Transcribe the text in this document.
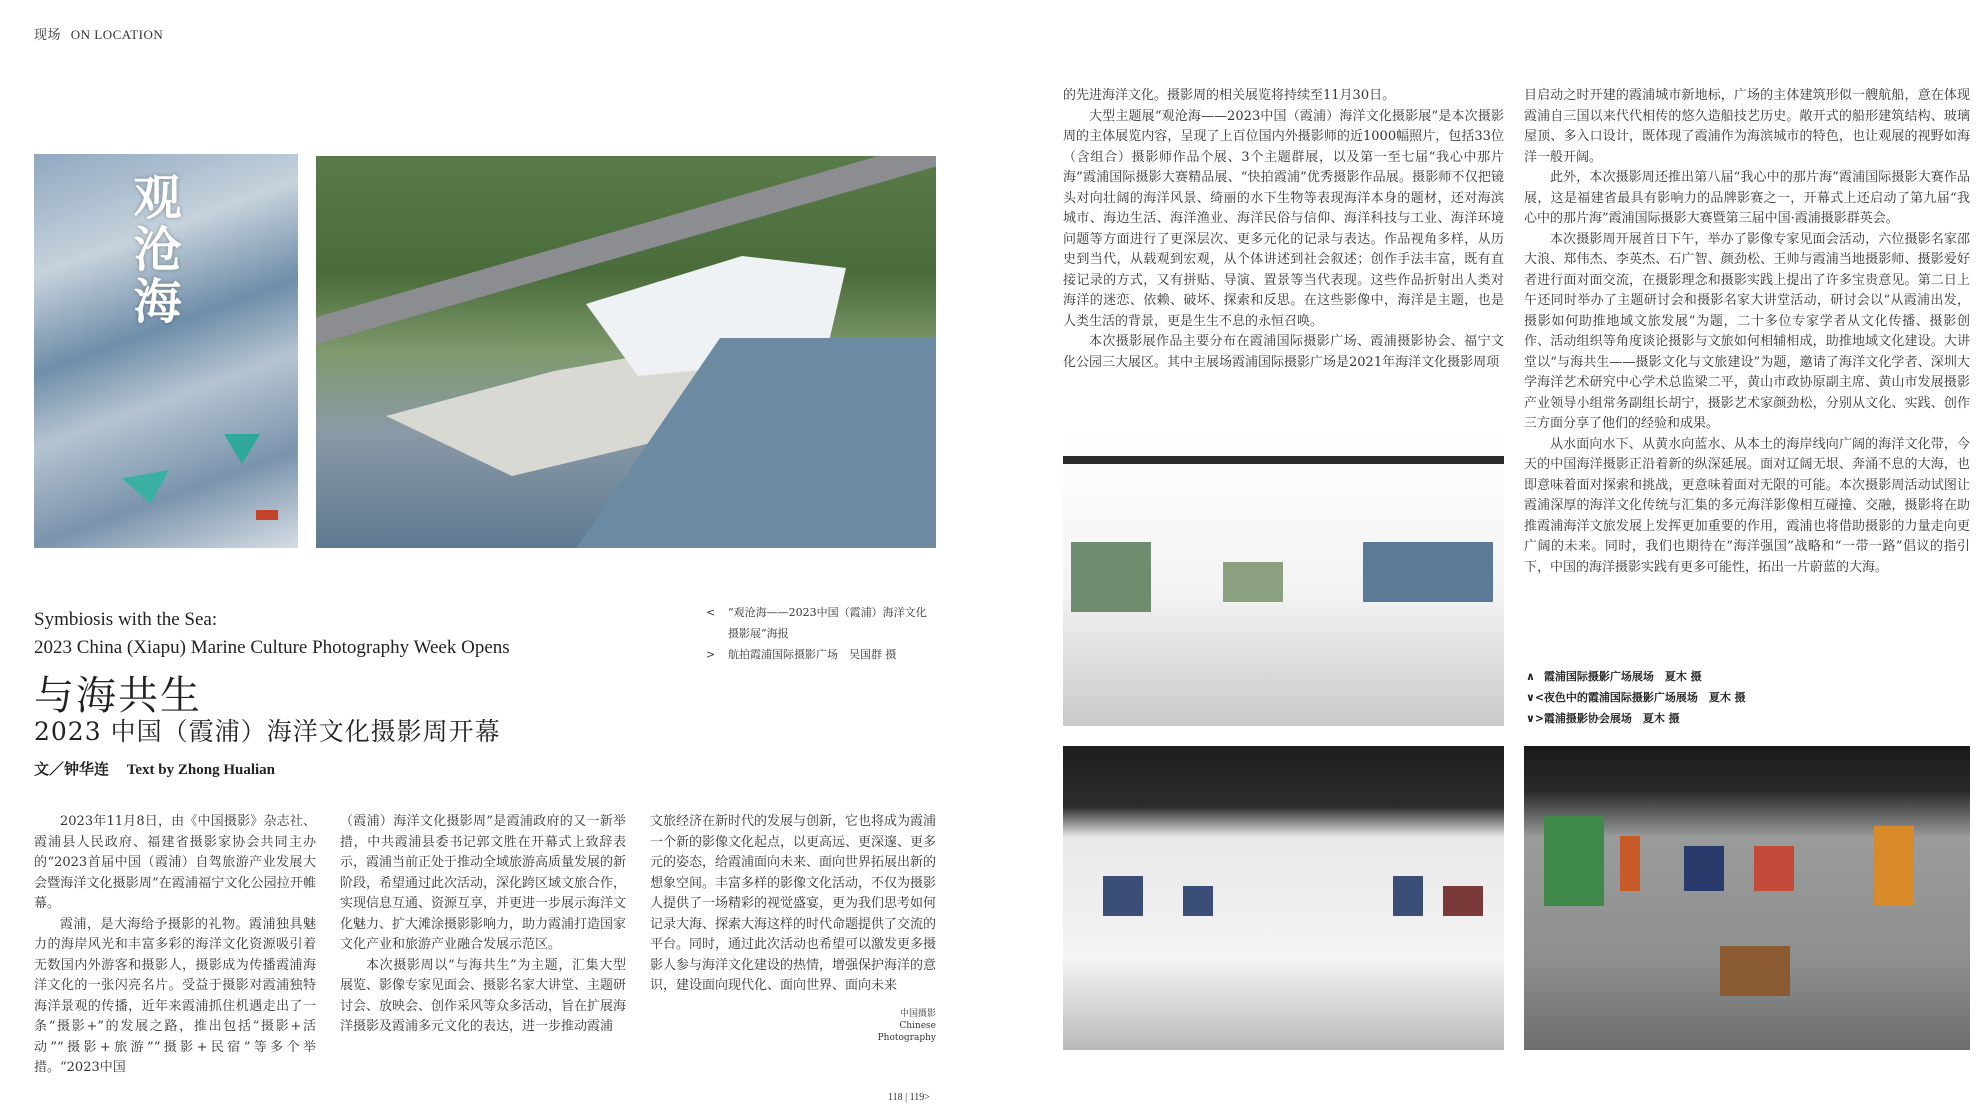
现场 ON LOCATION
观沧海
Symbiosis with the Sea:
2023 China (Xiapu) Marine Culture Photography Week Opens
与海共生
2023 中国（霞浦）海洋文化摄影周开幕
文／钟华连 Text by Zhong Hualian
<	“观沧海——2023中国（霞浦）海洋文化摄影展”海报
>	航拍霞浦国际摄影广场　吴国群 摄
∧ 霞浦国际摄影广场展场　夏木 摄
∨< 夜色中的霞浦国际摄影广场展场　夏木 摄
∨> 霞浦摄影协会展场　夏木 摄

2023年11月8日，由《中国摄影》杂志社、霞浦县人民政府、福建省摄影家协会共同主办的“2023首届中国（霞浦）自驾旅游产业发展大会暨海洋文化摄影周”在霞浦福宁文化公园拉开帷幕。

霞浦，是大海给予摄影的礼物。霞浦独具魅力的海岸风光和丰富多彩的海洋文化资源吸引着无数国内外游客和摄影人，摄影成为传播霞浦海洋文化的一张闪亮名片。受益于摄影对霞浦独特海洋景观的传播，近年来霞浦抓住机遇走出了一条“摄影+”的发展之路，推出包括“摄影+活动”“摄影+旅游”“摄影+民宿”等多个举措。“2023中国

（霞浦）海洋文化摄影周”是霞浦政府的又一新举措，中共霞浦县委书记郭文胜在开幕式上致辞表示，霞浦当前正处于推动全域旅游高质量发展的新阶段，希望通过此次活动，深化跨区域文旅合作，实现信息互通、资源互享，并更进一步展示海洋文化魅力、扩大滩涂摄影影响力，助力霞浦打造国家文化产业和旅游产业融合发展示范区。

本次摄影周以“与海共生”为主题，汇集大型展览、影像专家见面会、摄影名家大讲堂、主题研讨会、放映会、创作采风等众多活动，旨在扩展海洋摄影及霞浦多元文化的表达，进一步推动霞浦

文旅经济在新时代的发展与创新，它也将成为霞浦一个新的影像文化起点，以更高远、更深邃、更多元的姿态，给霞浦面向未来、面向世界拓展出新的想象空间。丰富多样的影像文化活动，不仅为摄影人提供了一场精彩的视觉盛宴，更为我们思考如何记录大海、探索大海这样的时代命题提供了交流的平台。同时，通过此次活动也希望可以激发更多摄影人参与海洋文化建设的热情，增强保护海洋的意识，建设面向现代化、面向世界、面向未来

的先进海洋文化。摄影周的相关展览将持续至11月30日。

大型主题展“观沧海——2023中国（霞浦）海洋文化摄影展”是本次摄影周的主体展览内容，呈现了上百位国内外摄影师的近1000幅照片，包括33位（含组合）摄影师作品个展、3个主题群展，以及第一至七届“我心中那片海”霞浦国际摄影大赛精品展、“快拍霞浦”优秀摄影作品展。摄影师不仅把镜头对向壮阔的海洋风景、绮丽的水下生物等表现海洋本身的题材，还对海滨城市、海边生活、海洋渔业、海洋民俗与信仰、海洋科技与工业、海洋环境问题等方面进行了更深层次、更多元化的记录与表达。作品视角多样，从历史到当代，从载观到宏观，从个体讲述到社会叙述；创作手法丰富，既有直接记录的方式，又有拼贴、导演、置景等当代表现。这些作品折射出人类对海洋的迷恋、依赖、破坏、探索和反思。在这些影像中，海洋是主题，也是人类生活的背景，更是生生不息的永恒召唤。

本次摄影展作品主要分布在霞浦国际摄影广场、霞浦摄影协会、福宁文化公园三大展区。其中主展场霞浦国际摄影广场是2021年海洋文化摄影周项

目启动之时开建的霞浦城市新地标，广场的主体建筑形似一艘航船，意在体现霞浦自三国以来代代相传的悠久造船技艺历史。敞开式的船形建筑结构、玻璃屋顶、多入口设计，既体现了霞浦作为海滨城市的特色，也让观展的视野如海洋一般开阔。

此外，本次摄影周还推出第八届“我心中的那片海”霞浦国际摄影大赛作品展，这是福建省最具有影响力的品牌影赛之一，开幕式上还启动了第九届“我心中的那片海”霞浦国际摄影大赛暨第三届中国·霞浦摄影群英会。

本次摄影周开展首日下午，举办了影像专家见面会活动，六位摄影名家邵大浪、郑伟杰、李英杰、石广智、颜劲松、王帅与霞浦当地摄影师、摄影爱好者进行面对面交流，在摄影理念和摄影实践上提出了许多宝贵意见。第二日上午还同时举办了主题研讨会和摄影名家大讲堂活动，研讨会以“从霞浦出发，摄影如何助推地域文旅发展”为题，二十多位专家学者从文化传播、摄影创作、活动组织等角度谈论摄影与文旅如何相辅相成，助推地域文化建设。大讲堂以“与海共生——摄影文化与文旅建设”为题，邀请了海洋文化学者、深圳大学海洋艺术研究中心学术总监梁二平，黄山市政协原副主席、黄山市发展摄影产业领导小组常务副组长胡宁，摄影艺术家颜劲松，分别从文化、实践、创作三方面分享了他们的经验和成果。

从水面向水下、从黄水向蓝水、从本土的海岸线向广阔的海洋文化带，今天的中国海洋摄影正沿着新的纵深延展。面对辽阔无垠、奔涌不息的大海，也即意味着面对探索和挑战，更意味着面对无限的可能。本次摄影周活动试图让霞浦深厚的海洋文化传统与汇集的多元海洋影像相互碰撞、交融，摄影将在助推霞浦海洋文旅发展上发挥更加重要的作用，霞浦也将借助摄影的力量走向更广阔的未来。同时，我们也期待在“海洋强国”战略和“一带一路”倡议的指引下，中国的海洋摄影实践有更多可能性，拓出一片蔚蓝的大海。

中国摄影
Chinese
Photography
118 | 119>
